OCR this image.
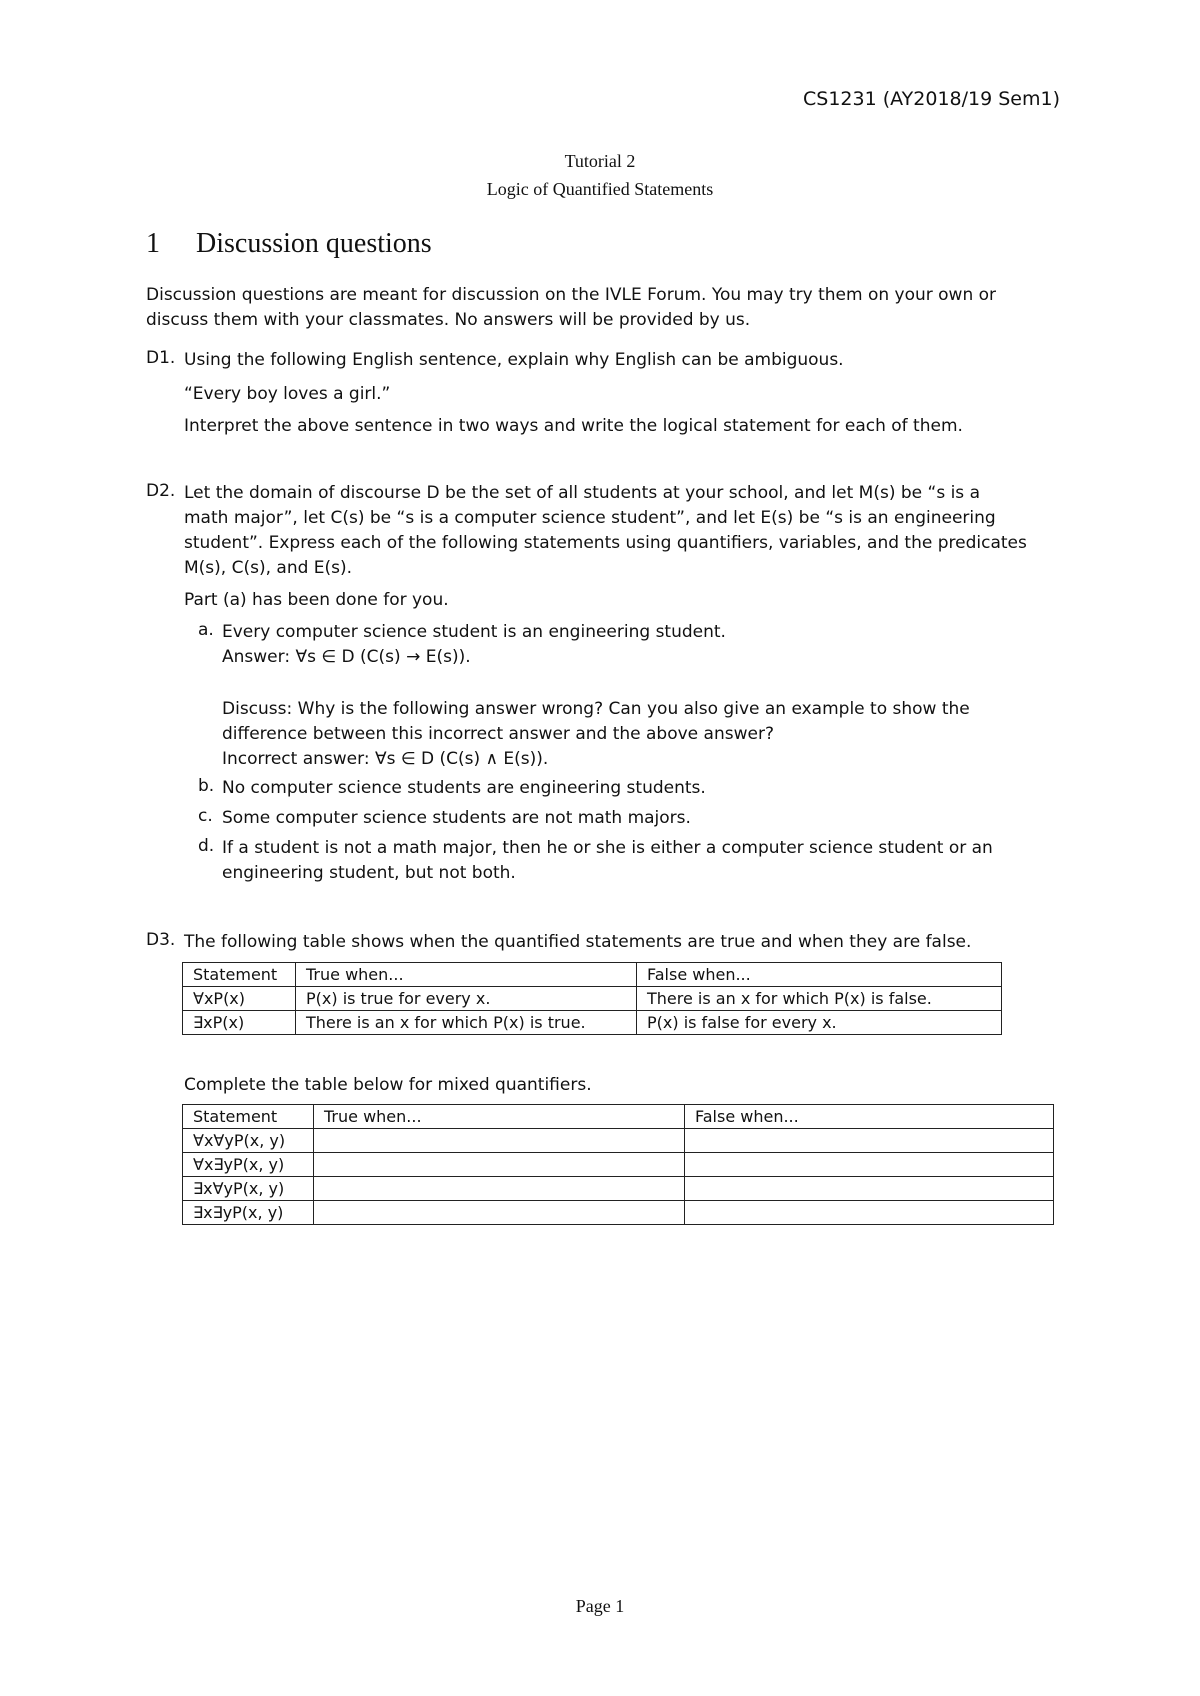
CS1231 (AY2018/19 Sem1)
Tutorial 2
Logic of Quantified Statements
1 Discussion questions
Discussion questions are meant for discussion on the IVLE Forum. You may try them on your own or
discuss them with your classmates. No answers will be provided by us.
D1. Using the following English sentence, explain why English can be ambiguous.
“Every boy loves a girl.”
Interpret the above sentence in two ways and write the logical statement for each of them.
D2. Let the domain of discourse D be the set of all students at your school, and let M(s) be “s is a
math major”, let C(s) be “s is a computer science student”, and let E(s) be “s is an engineering
student”. Express each of the following statements using quantifiers, variables, and the predicates
M(s), C(s), and E(s).
Part (a) has been done for you.
a. Every computer science student is an engineering student.
Answer: ∀s ∈ D (C(s) → E(s)).
Discuss: Why is the following answer wrong? Can you also give an example to show the
difference between this incorrect answer and the above answer?
Incorrect answer: ∀s ∈ D (C(s) ∧ E(s)).
b. No computer science students are engineering students.
c. Some computer science students are not math majors.
d. If a student is not a math major, then he or she is either a computer science student or an
engineering student, but not both.
D3. The following table shows when the quantified statements are true and when they are false.
Statement	True when...	False when...
∀xP(x)	P(x) is true for every x.	There is an x for which P(x) is false.
∃xP(x)	There is an x for which P(x) is true.	P(x) is false for every x.
Complete the table below for mixed quantifiers.
Statement	True when...	False when...
∀x∀yP(x, y)		
∀x∃yP(x, y)		
∃x∀yP(x, y)		
∃x∃yP(x, y)		
Page 1
